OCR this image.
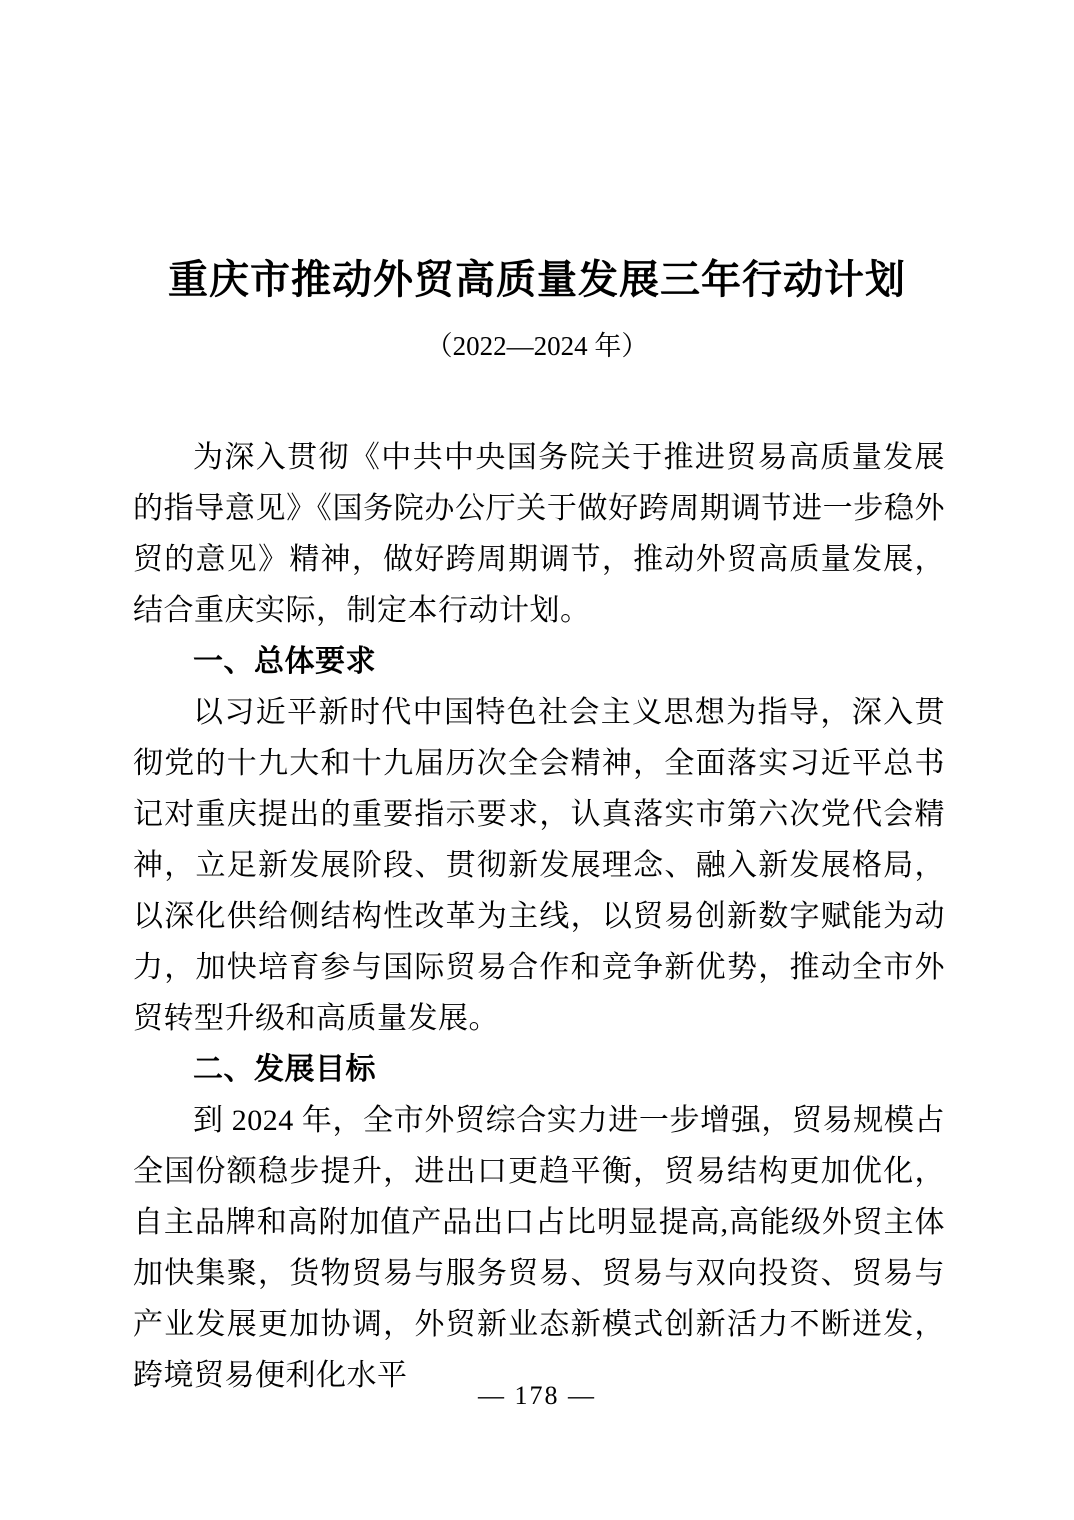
重庆市推动外贸高质量发展三年行动计划
（2022—2024 年）

为深入贯彻《中共中央国务院关于推进贸易高质量发展的指导意见》《国务院办公厅关于做好跨周期调节进一步稳外贸的意见》精神，做好跨周期调节，推动外贸高质量发展，结合重庆实际，制定本行动计划。

一、总体要求

以习近平新时代中国特色社会主义思想为指导，深入贯彻党的十九大和十九届历次全会精神，全面落实习近平总书记对重庆提出的重要指示要求，认真落实市第六次党代会精神，立足新发展阶段、贯彻新发展理念、融入新发展格局，以深化供给侧结构性改革为主线，以贸易创新数字赋能为动力，加快培育参与国际贸易合作和竞争新优势，推动全市外贸转型升级和高质量发展。

二、发展目标

到 2024 年，全市外贸综合实力进一步增强，贸易规模占全国份额稳步提升，进出口更趋平衡，贸易结构更加优化，自主品牌和高附加值产品出口占比明显提高,高能级外贸主体加快集聚，货物贸易与服务贸易、贸易与双向投资、贸易与产业发展更加协调，外贸新业态新模式创新活力不断迸发，跨境贸易便利化水平

— 178 —
